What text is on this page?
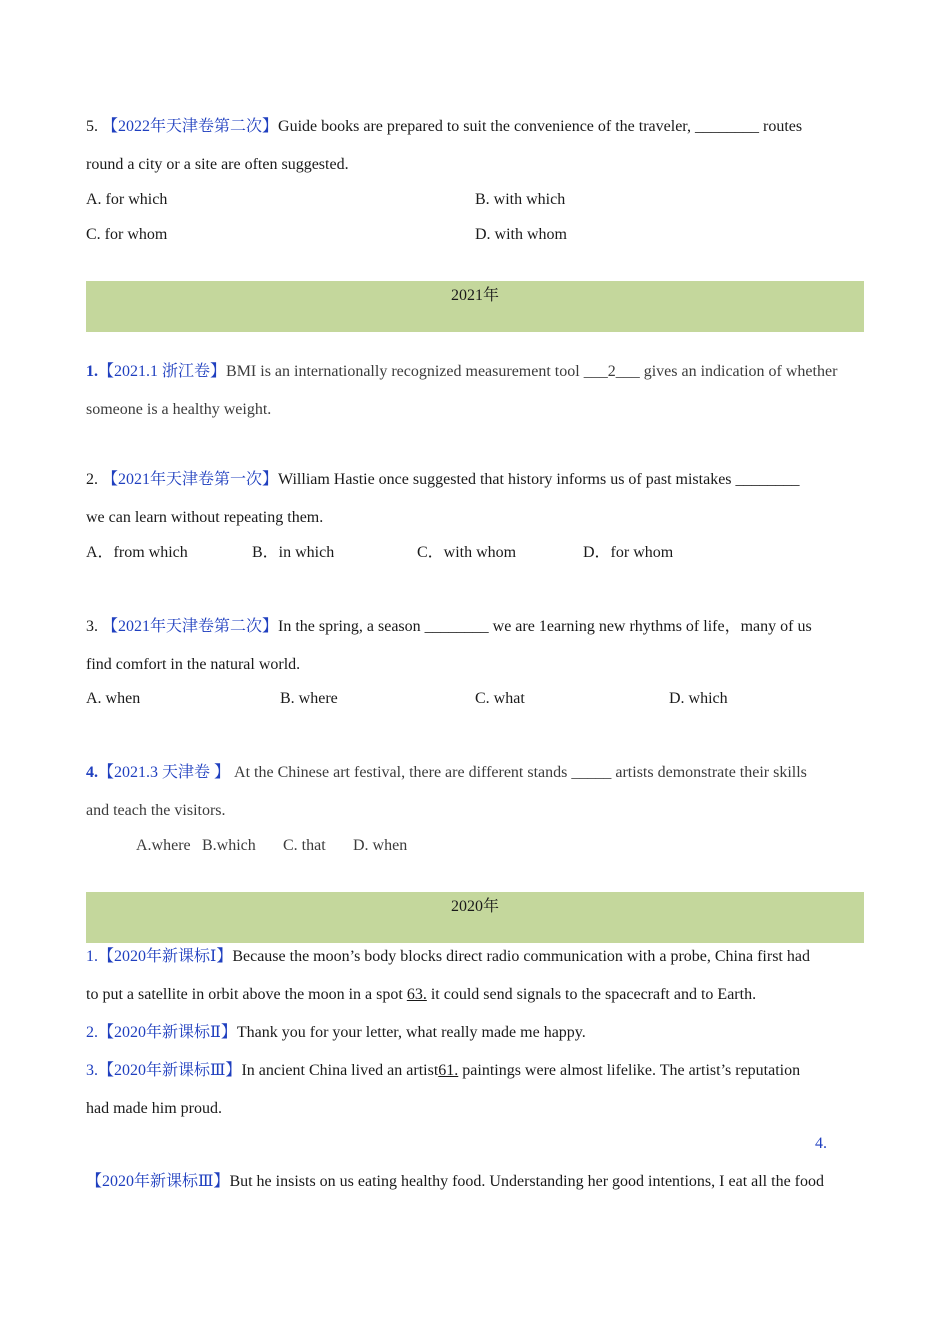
5. 【2022年天津卷第二次】Guide books are prepared to suit the convenience of the traveler, ________ routes
round a city or a site are often suggested.
A. for which	B. with which
C. for whom	D. with whom
2021年
1.【2021.1 浙江卷】BMI is an internationally recognized measurement tool ___2___ gives an indication of whether
someone is a healthy weight.
2. 【2021年天津卷第一次】William Hastie once suggested that history informs us of past mistakes ________
we can learn without repeating them.
A．from which	B．in which	C．with whom	D．for whom
3. 【2021年天津卷第二次】In the spring, a season ________ we are 1earning new rhythms of life，many of us
find comfort in the natural world.
A. when	B. where	C. what	D. which
4.【2021.3 天津卷 】 At the Chinese art festival, there are different stands _____ artists demonstrate their skills
and teach the visitors.
A.where B.which C. that D. when
2020年
1.【2020年新课标Ⅰ】Because the moon’s body blocks direct radio communication with a probe, China first had
to put a satellite in orbit above the moon in a spot 63. it could send signals to the spacecraft and to Earth.
2.【2020年新课标Ⅱ】Thank you for your letter, what really made me happy.
3.【2020年新课标Ⅲ】In ancient China lived an artist61. paintings were almost lifelike. The artist’s reputation
had made him proud.
4.
【2020年新课标Ⅲ】But he insists on us eating healthy food. Understanding her good intentions, I eat all the food
